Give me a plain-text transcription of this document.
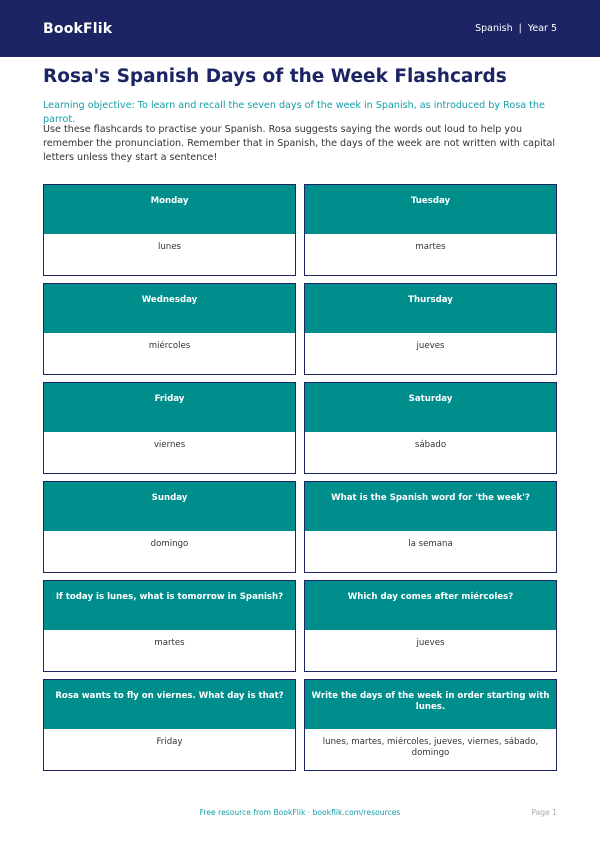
BookFlik	Spanish | Year 5
Rosa's Spanish Days of the Week Flashcards

Learning objective: To learn and recall the seven days of the week in Spanish, as introduced by Rosa the parrot.

Use these flashcards to practise your Spanish. Rosa suggests saying the words out loud to help you remember the pronunciation. Remember that in Spanish, the days of the week are not written with capital letters unless they start a sentence!

Monday
lunes
Tuesday
martes
Wednesday
miércoles
Thursday
jueves
Friday
viernes
Saturday
sábado
Sunday
domingo
What is the Spanish word for 'the week'?
la semana
If today is lunes, what is tomorrow in Spanish?
martes
Which day comes after miércoles?
jueves
Rosa wants to fly on viernes. What day is that?
Friday
Write the days of the week in order starting with lunes.
lunes, martes, miércoles, jueves, viernes, sábado, domingo
Free resource from BookFlik · bookflik.com/resources	Page 1
